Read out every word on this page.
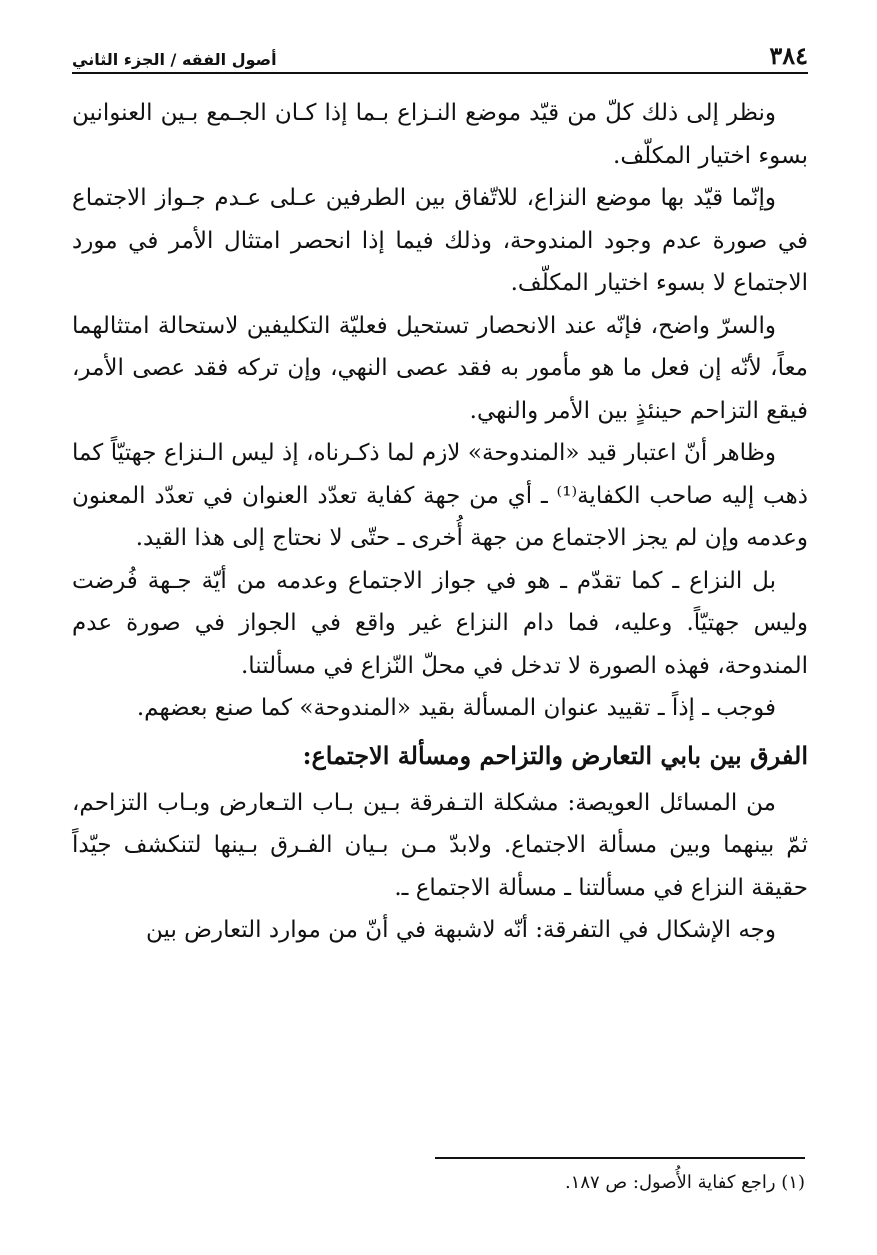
٣٨٤
أصول الفقه / الجزء الثاني

ونظر إلى ذلك كلّ من قيّد موضع النـزاع بـما إذا كـان الجـمع بـين العنوانين بسوء اختيار المكلّف.

وإنّما قيّد بها موضع النزاع، للاتّفاق بين الطرفين عـلى عـدم جـواز الاجتماع في صورة عدم وجود المندوحة، وذلك فيما إذا انحصر امتثال الأمر في مورد الاجتماع لا بسوء اختيار المكلّف.

والسرّ واضح، فإنّه عند الانحصار تستحيل فعليّة التكليفين لاستحالة امتثالهما معاً، لأنّه إن فعل ما هو مأمور به فقد عصى النهي، وإن تركه فقد عصى الأمر، فيقع التزاحم حينئذٍ بين الأمر والنهي.

وظاهر أنّ اعتبار قيد «المندوحة» لازم لما ذكـرناه، إذ ليس الـنزاع جهتيّاً كما ذهب إليه صاحب الكفاية⁽¹⁾ ـ أي من جهة كفاية تعدّد العنوان في تعدّد المعنون وعدمه وإن لم يجز الاجتماع من جهة أُخرى ـ حتّى لا نحتاج إلى هذا القيد.

بل النزاع ـ كما تقدّم ـ هو في جواز الاجتماع وعدمه من أيّة جـهة فُرضت وليس جهتيّاً. وعليه، فما دام النزاع غير واقع في الجواز في صورة عدم المندوحة، فهذه الصورة لا تدخل في محلّ النّزاع في مسألتنا.

فوجب ـ إذاً ـ تقييد عنوان المسألة بقيد «المندوحة» كما صنع بعضهم.

الفرق بين بابي التعارض والتزاحم ومسألة الاجتماع:

من المسائل العويصة: مشكلة التـفرقة بـين بـاب التـعارض وبـاب التزاحم، ثمّ بينهما وبين مسألة الاجتماع. ولابدّ مـن بـيان الفـرق بـينها لتنكشف جيّداً حقيقة النزاع في مسألتنا ـ مسألة الاجتماع ـ.

وجه الإشكال في التفرقة: أنّه لاشبهة في أنّ من موارد التعارض بين

(١) راجع كفاية الأُصول: ص ١٨٧.
